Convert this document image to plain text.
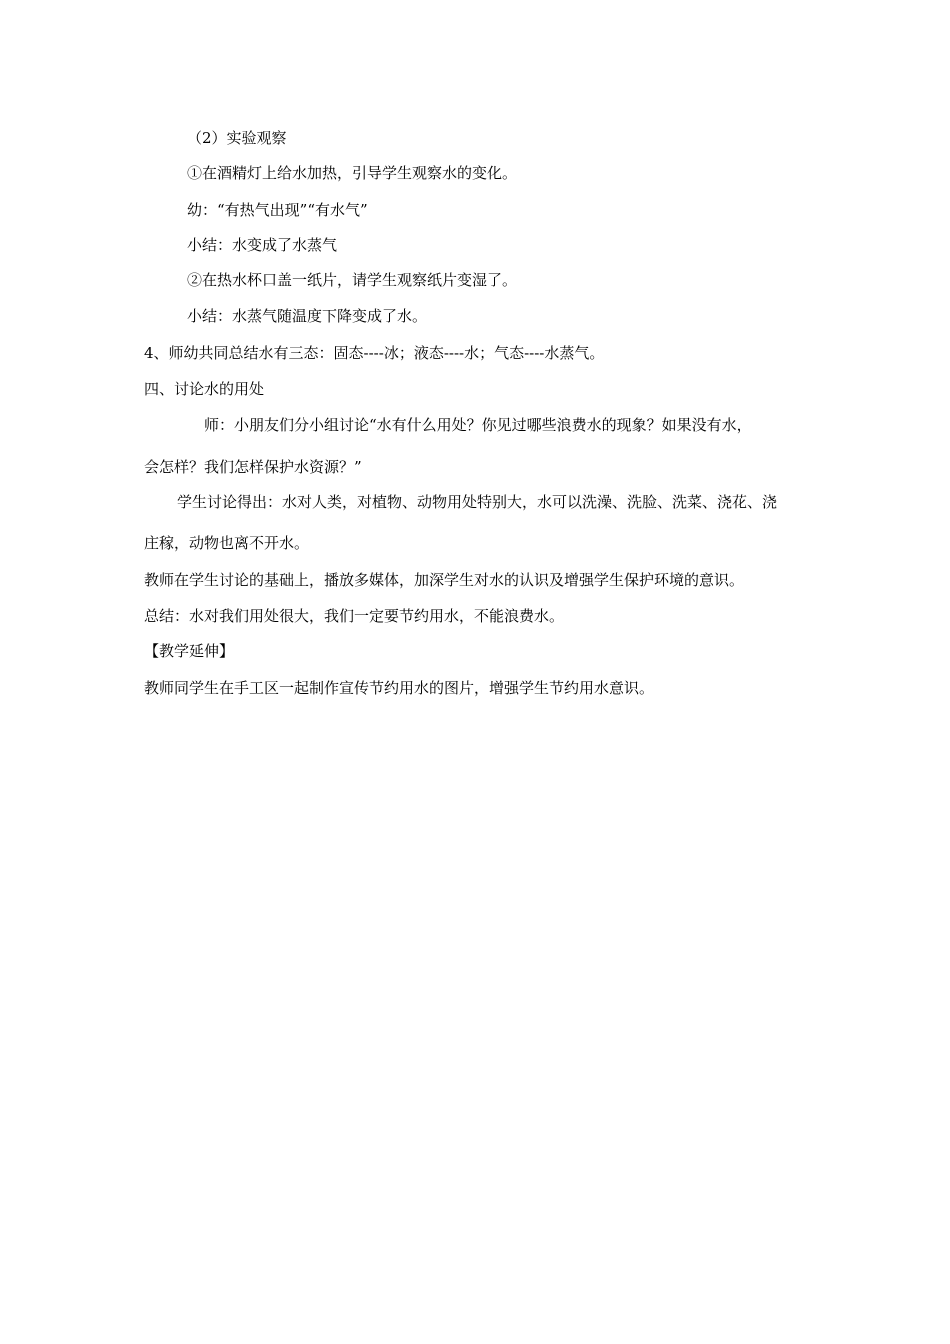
（2）实验观察
①在酒精灯上给水加热，引导学生观察水的变化。
幼：“有热气出现”“有水气”
小结：水变成了水蒸气
②在热水杯口盖一纸片，请学生观察纸片变湿了。
小结：水蒸气随温度下降变成了水。
4、师幼共同总结水有三态：固态----冰；液态----水；气态----水蒸气。
四、讨论水的用处
师：小朋友们分小组讨论“水有什么用处？你见过哪些浪费水的现象？如果没有水，
会怎样？我们怎样保护水资源？”
学生讨论得出：水对人类，对植物、动物用处特别大，水可以洗澡、洗脸、洗菜、浇花、浇
庄稼，动物也离不开水。
教师在学生讨论的基础上，播放多媒体，加深学生对水的认识及增强学生保护环境的意识。
总结：水对我们用处很大，我们一定要节约用水，不能浪费水。
【教学延伸】
教师同学生在手工区一起制作宣传节约用水的图片，增强学生节约用水意识。
